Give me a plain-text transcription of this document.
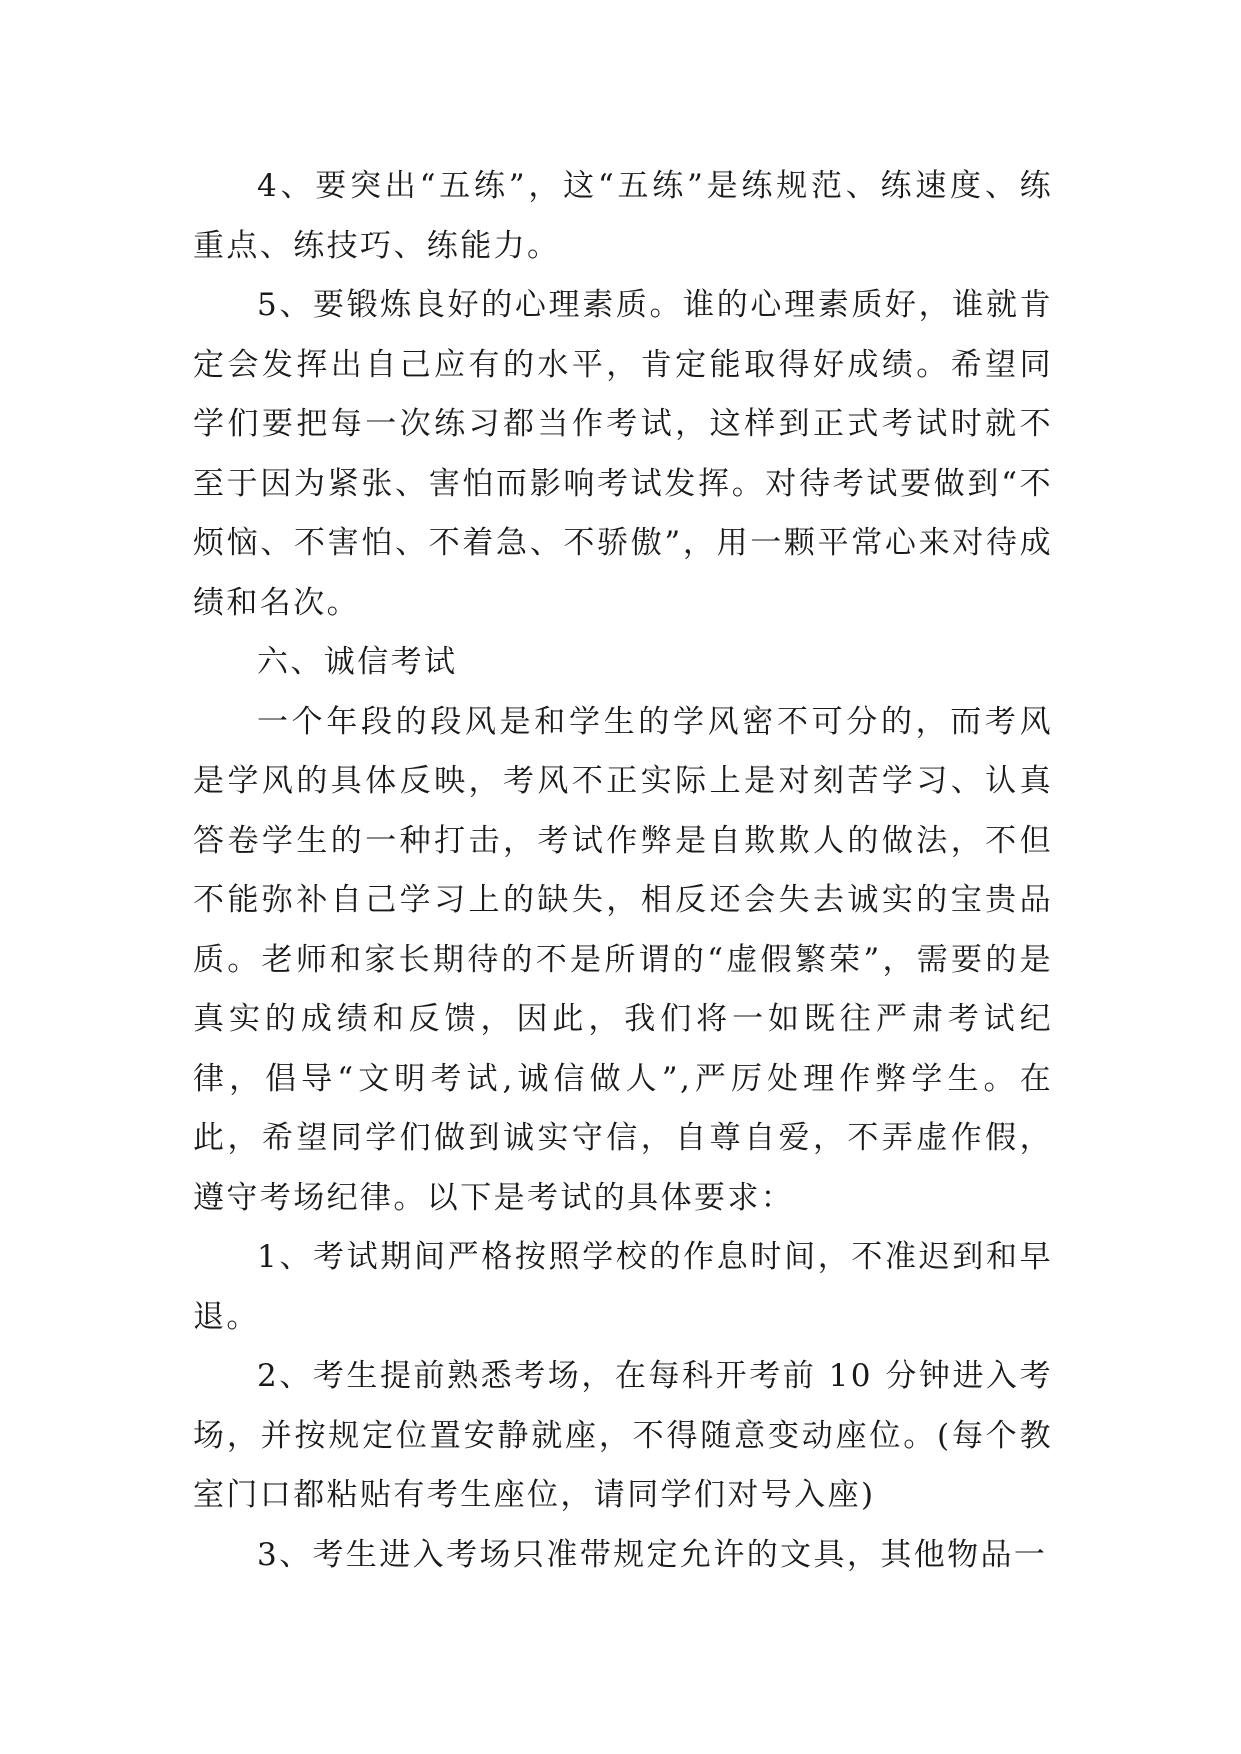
4、要突出“五练”，这“五练”是练规范、练速度、练重点、练技巧、练能力。

5、要锻炼良好的心理素质。谁的心理素质好，谁就肯定会发挥出自己应有的水平，肯定能取得好成绩。希望同学们要把每一次练习都当作考试，这样到正式考试时就不至于因为紧张、害怕而影响考试发挥。对待考试要做到“不烦恼、不害怕、不着急、不骄傲”，用一颗平常心来对待成绩和名次。

六、诚信考试

一个年段的段风是和学生的学风密不可分的，而考风是学风的具体反映，考风不正实际上是对刻苦学习、认真答卷学生的一种打击，考试作弊是自欺欺人的做法，不但不能弥补自己学习上的缺失，相反还会失去诚实的宝贵品质。老师和家长期待的不是所谓的“虚假繁荣”，需要的是真实的成绩和反馈，因此，我们将一如既往严肃考试纪律，倡导“文明考试,诚信做人”,严厉处理作弊学生。在此，希望同学们做到诚实守信，自尊自爱，不弄虚作假，遵守考场纪律。以下是考试的具体要求：

1、考试期间严格按照学校的作息时间，不准迟到和早退。

2、考生提前熟悉考场，在每科开考前 10 分钟进入考场，并按规定位置安静就座，不得随意变动座位。(每个教室门口都粘贴有考生座位，请同学们对号入座)

3、考生进入考场只准带规定允许的文具，其他物品一
